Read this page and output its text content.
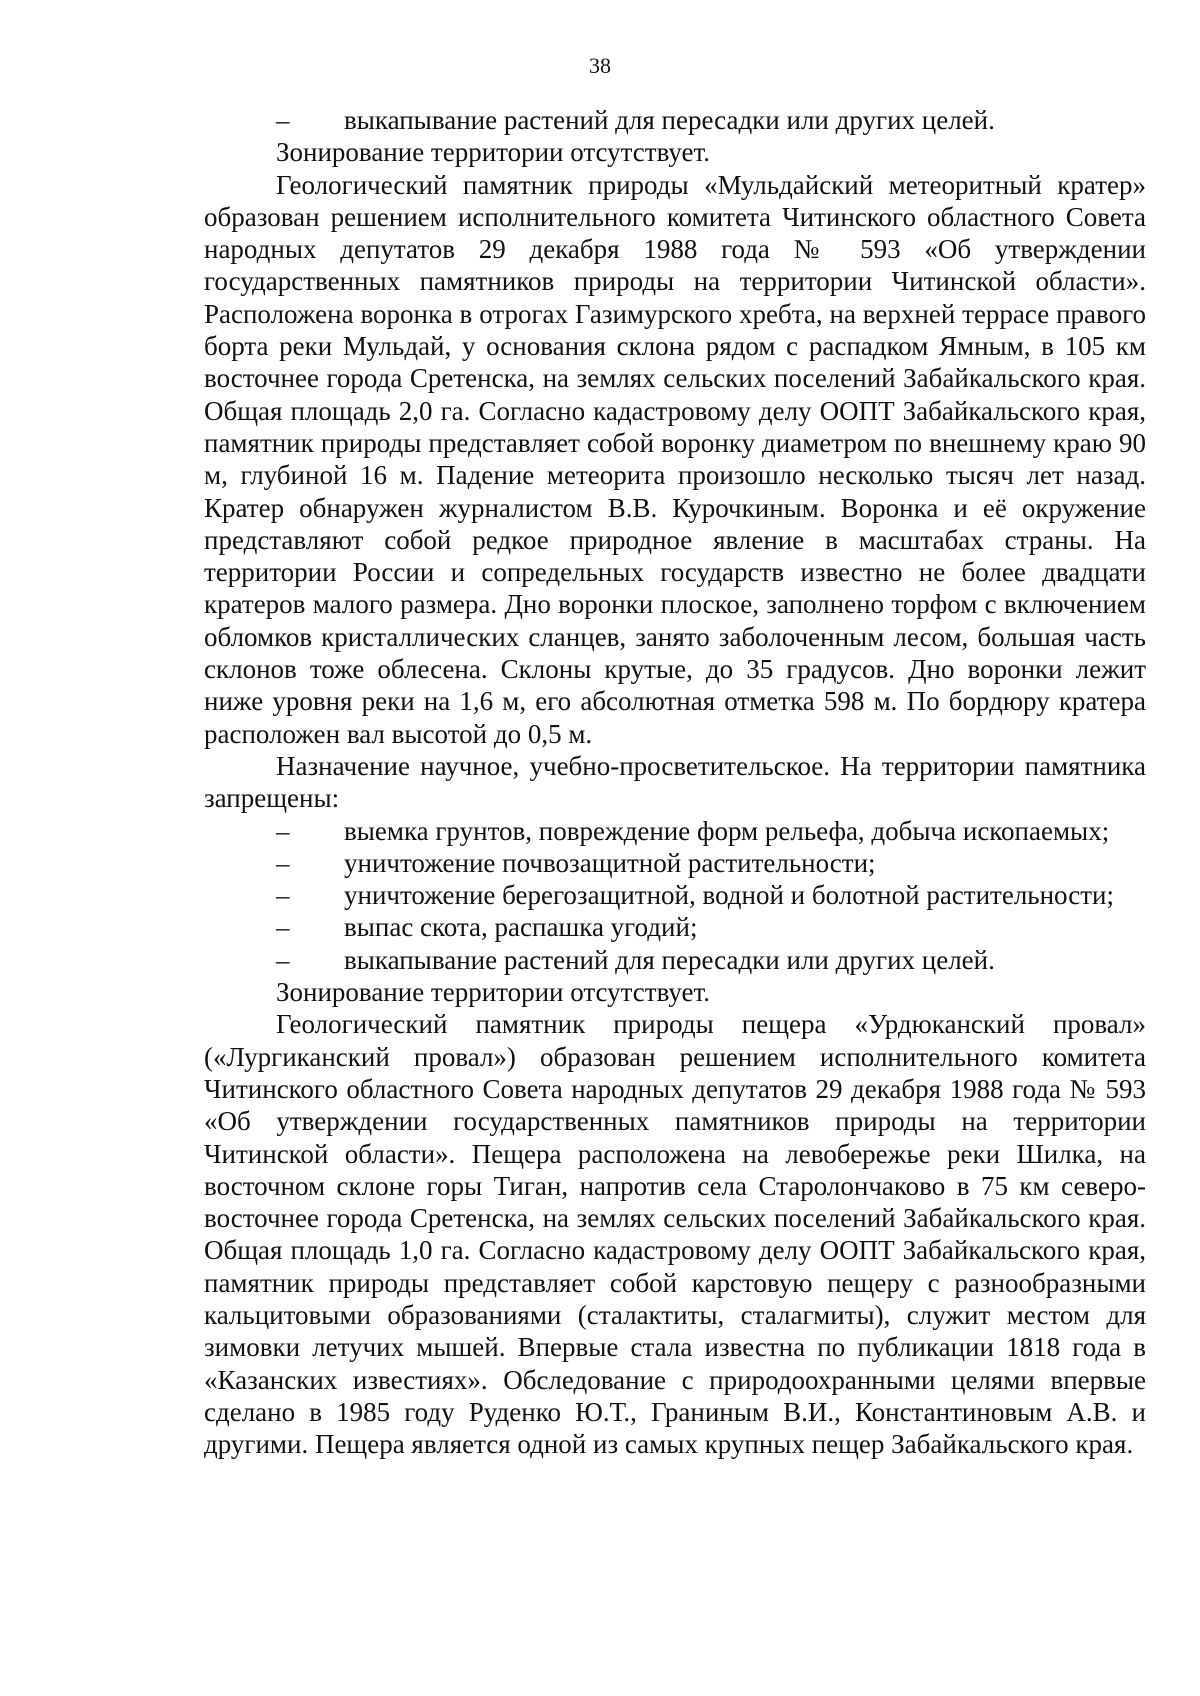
38
– выкапывание растений для пересадки или других целей.
Зонирование территории отсутствует.

Геологический памятник природы «Мульдайский метеоритный кратер» образован решением исполнительного комитета Читинского областного Совета народных депутатов 29 декабря 1988 года № 593 «Об утверждении государственных памятников природы на территории Читинской области». Расположена воронка в отрогах Газимурского хребта, на верхней террасе правого борта реки Мульдай, у основания склона рядом с распадком Ямным, в 105 км восточнее города Сретенска, на землях сельских поселений Забайкальского края. Общая площадь 2,0 га. Согласно кадастровому делу ООПТ Забайкальского края, памятник природы представляет собой воронку диаметром по внешнему краю 90 м, глубиной 16 м. Падение метеорита произошло несколько тысяч лет назад. Кратер обнаружен журналистом В.В. Курочкиным. Воронка и её окружение представляют собой редкое природное явление в масштабах страны. На территории России и сопредельных государств известно не более двадцати кратеров малого размера. Дно воронки плоское, заполнено торфом с включением обломков кристаллических сланцев, занято заболоченным лесом, большая часть склонов тоже облесена. Склоны крутые, до 35 градусов. Дно воронки лежит ниже уровня реки на 1,6 м, его абсолютная отметка 598 м. По бордюру кратера расположен вал высотой до 0,5 м.

Назначение научное, учебно-просветительское. На территории памятника запрещены:

– выемка грунтов, повреждение форм рельефа, добыча ископаемых;
– уничтожение почвозащитной растительности;
– уничтожение берегозащитной, водной и болотной растительности;
– выпас скота, распашка угодий;
– выкапывание растений для пересадки или других целей.
Зонирование территории отсутствует.

Геологический памятник природы пещера «Урдюканский провал» («Лургиканский провал») образован решением исполнительного комитета Читинского областного Совета народных депутатов 29 декабря 1988 года № 593 «Об утверждении государственных памятников природы на территории Читинской области». Пещера расположена на левобережье реки Шилка, на восточном склоне горы Тиган, напротив села Старолончаково в 75 км северо-восточнее города Сретенска, на землях сельских поселений Забайкальского края. Общая площадь 1,0 га. Согласно кадастровому делу ООПТ Забайкальского края, памятник природы представляет собой карстовую пещеру с разнообразными кальцитовыми образованиями (сталактиты, сталагмиты), служит местом для зимовки летучих мышей. Впервые стала известна по публикации 1818 года в «Казанских известиях». Обследование с природоохранными целями впервые сделано в 1985 году Руденко Ю.Т., Граниным В.И., Константиновым А.В. и другими. Пещера является одной из самых крупных пещер Забайкальского края.
